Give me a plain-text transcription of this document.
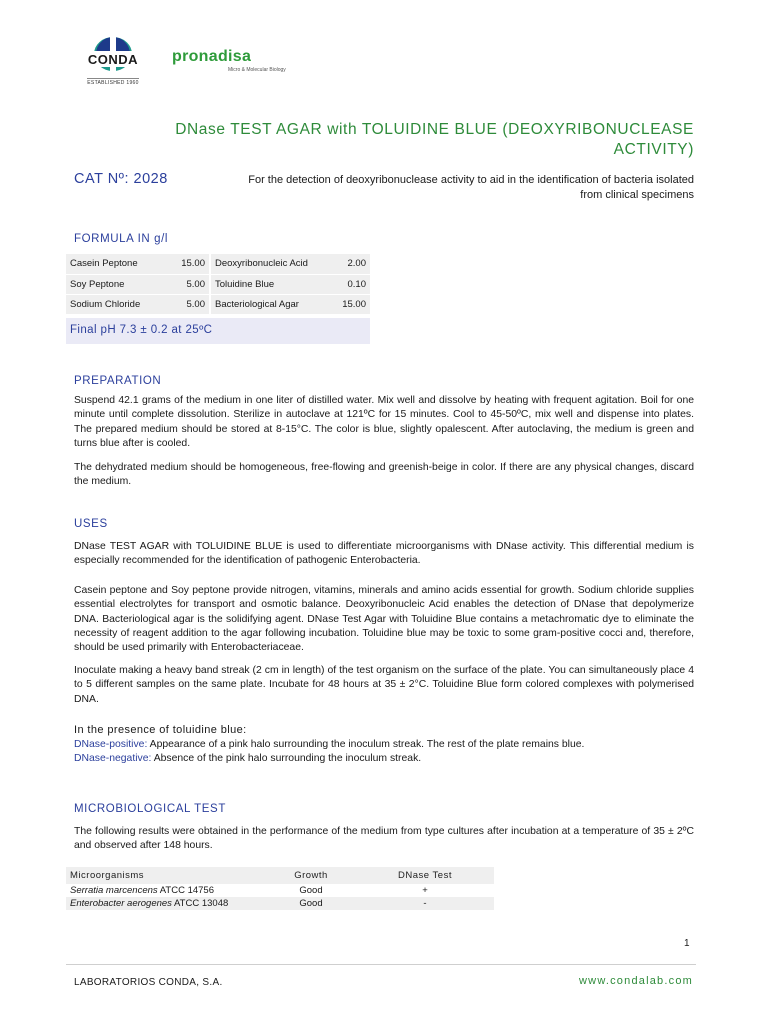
CONDA
ESTABLISHED 1960
pronadisa
Micro & Molecular Biology
DNase TEST AGAR with TOLUIDINE BLUE (DEOXYRIBONUCLEASE ACTIVITY)
CAT Nº: 2028	For the detection of deoxyribonuclease activity to aid in the identification of bacteria isolated from clinical specimens
FORMULA IN g/l
Casein Peptone	15.00	Deoxyribonucleic Acid	2.00
Soy Peptone	5.00	Toluidine Blue	0.10
Sodium Chloride	5.00	Bacteriological Agar	15.00
Final pH 7.3 ± 0.2 at 25ºC
PREPARATION
Suspend 42.1 grams of the medium in one liter of distilled water. Mix well and dissolve by heating with frequent agitation. Boil for one minute until complete dissolution. Sterilize in autoclave at 121ºC for 15 minutes. Cool to 45-50ºC, mix well and dispense into plates. The prepared medium should be stored at 8-15°C. The color is blue, slightly opalescent. After autoclaving, the medium is green and turns blue after is cooled.
The dehydrated medium should be homogeneous, free-flowing and greenish-beige in color. If there are any physical changes, discard the medium.
USES
DNase TEST AGAR with TOLUIDINE BLUE is used to differentiate microorganisms with DNase activity. This differential medium is especially recommended for the identification of pathogenic Enterobacteria.
Casein peptone and Soy peptone provide nitrogen, vitamins, minerals and amino acids essential for growth. Sodium chloride supplies essential electrolytes for transport and osmotic balance. Deoxyribonucleic Acid enables the detection of DNase that depolymerize DNA. Bacteriological agar is the solidifying agent. DNase Test Agar with Toluidine Blue contains a metachromatic dye to eliminate the necessity of reagent addition to the agar following incubation. Toluidine blue may be toxic to some gram-positive cocci and, therefore, should be used primarily with Enterobacteriaceae.
Inoculate making a heavy band streak (2 cm in length) of the test organism on the surface of the plate. You can simultaneously place 4 to 5 different samples on the same plate. Incubate for 48 hours at 35 ± 2°C. Toluidine Blue form colored complexes with polymerised DNA.
In the presence of toluidine blue:
DNase-positive: Appearance of a pink halo surrounding the inoculum streak. The rest of the plate remains blue.
DNase-negative: Absence of the pink halo surrounding the inoculum streak.
MICROBIOLOGICAL TEST
The following results were obtained in the performance of the medium from type cultures after incubation at a temperature of 35 ± 2ºC and observed after 148 hours.
Microorganisms	Growth	DNase Test
Serratia marcencens ATCC 14756	Good	+
Enterobacter aerogenes ATCC 13048	Good	-
1
LABORATORIOS CONDA, S.A.	www.condalab.com
